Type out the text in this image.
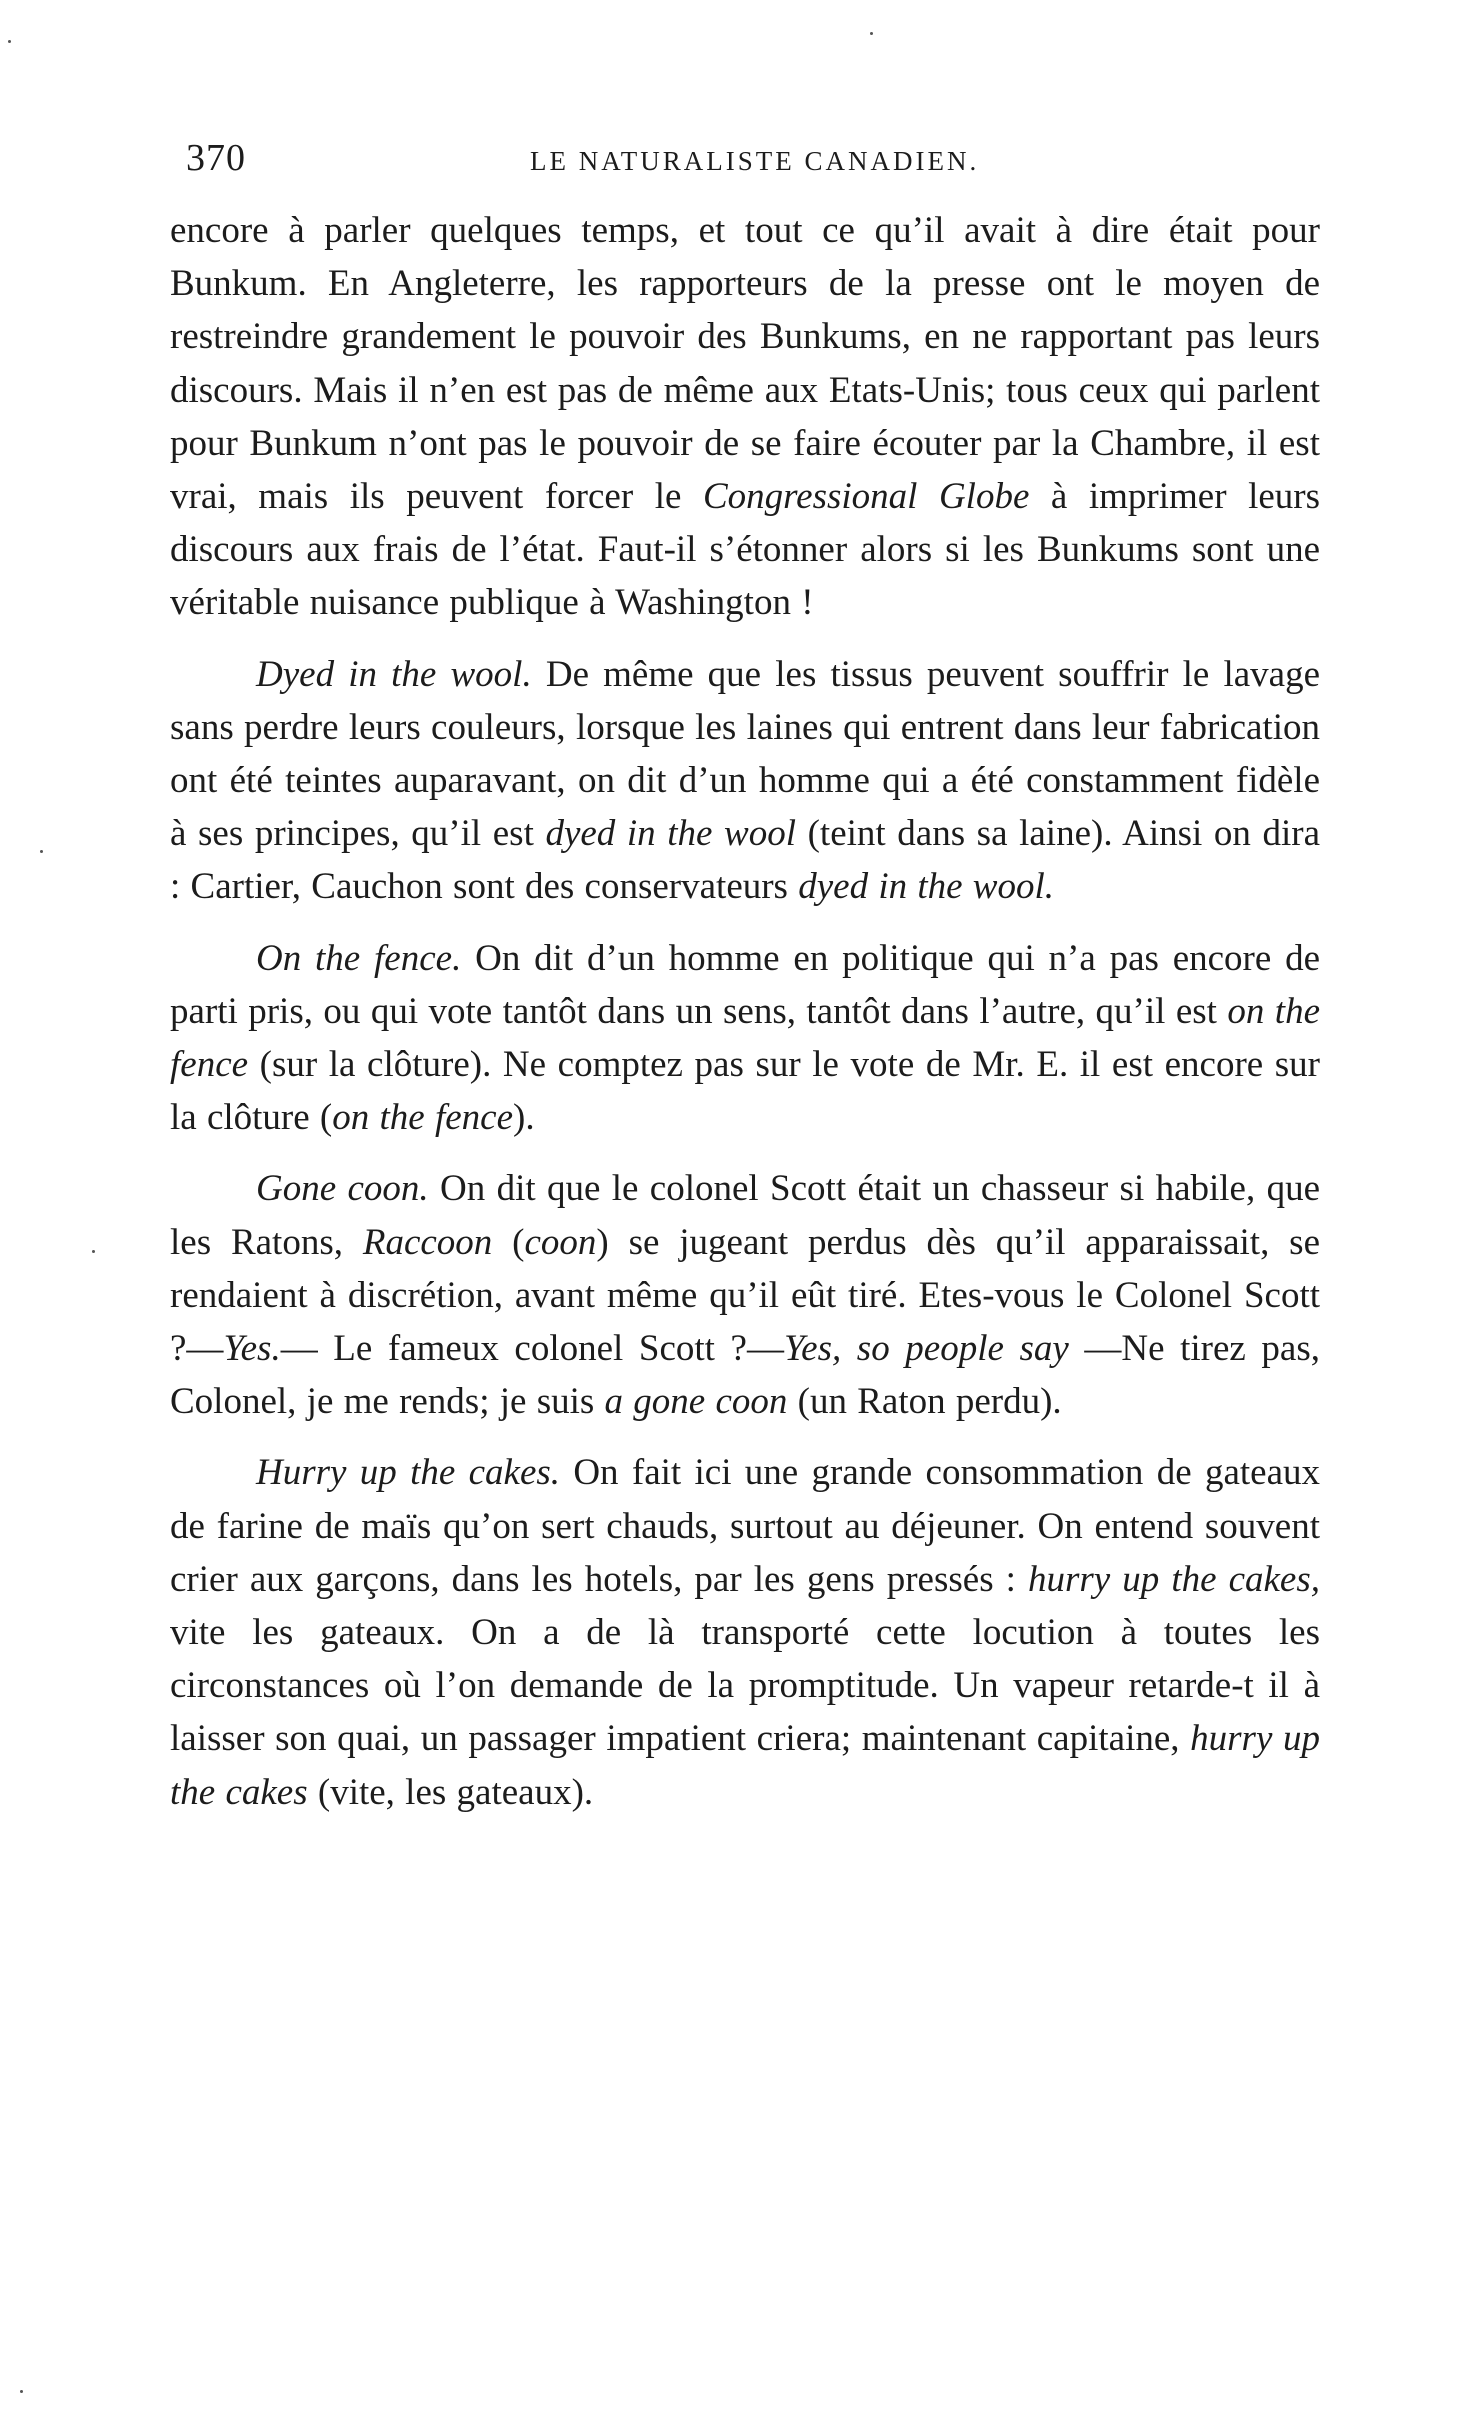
370	LE NATURALISTE CANADIEN.

encore à parler quelques temps, et tout ce qu’il avait à dire était pour Bunkum. En Angleterre, les rapporteurs de la presse ont le moyen de restreindre grandement le pouvoir des Bunkums, en ne rapportant pas leurs discours. Mais il n’en est pas de même aux Etats-Unis; tous ceux qui parlent pour Bunkum n’ont pas le pouvoir de se faire écouter par la Chambre, il est vrai, mais ils peuvent forcer le Congressional Globe à imprimer leurs discours aux frais de l’état. Faut-il s’étonner alors si les Bunkums sont une véritable nuisance publique à Washington !

Dyed in the wool. De même que les tissus peuvent souffrir le lavage sans perdre leurs couleurs, lorsque les laines qui entrent dans leur fabrication ont été teintes auparavant, on dit d’un homme qui a été constamment fidèle à ses principes, qu’il est dyed in the wool (teint dans sa laine). Ainsi on dira : Cartier, Cauchon sont des conservateurs dyed in the wool.

On the fence. On dit d’un homme en politique qui n’a pas encore de parti pris, ou qui vote tantôt dans un sens, tantôt dans l’autre, qu’il est on the fence (sur la clôture). Ne comptez pas sur le vote de Mr. E. il est encore sur la clôture (on the fence).

Gone coon. On dit que le colonel Scott était un chasseur si habile, que les Ratons, Raccoon (coon) se jugeant perdus dès qu’il apparaissait, se rendaient à discrétion, avant même qu’il eût tiré. Etes-vous le Colonel Scott ?—Yes.— Le fameux colonel Scott ?—Yes, so people say —Ne tirez pas, Colonel, je me rends; je suis a gone coon (un Raton perdu).

Hurry up the cakes. On fait ici une grande consommation de gateaux de farine de maïs qu’on sert chauds, surtout au déjeuner. On entend souvent crier aux garçons, dans les hotels, par les gens pressés : hurry up the cakes, vite les gateaux. On a de là transporté cette locution à toutes les circonstances où l’on demande de la promptitude. Un vapeur retarde-t il à laisser son quai, un passager impatient criera; maintenant capitaine, hurry up the cakes (vite, les gateaux).
